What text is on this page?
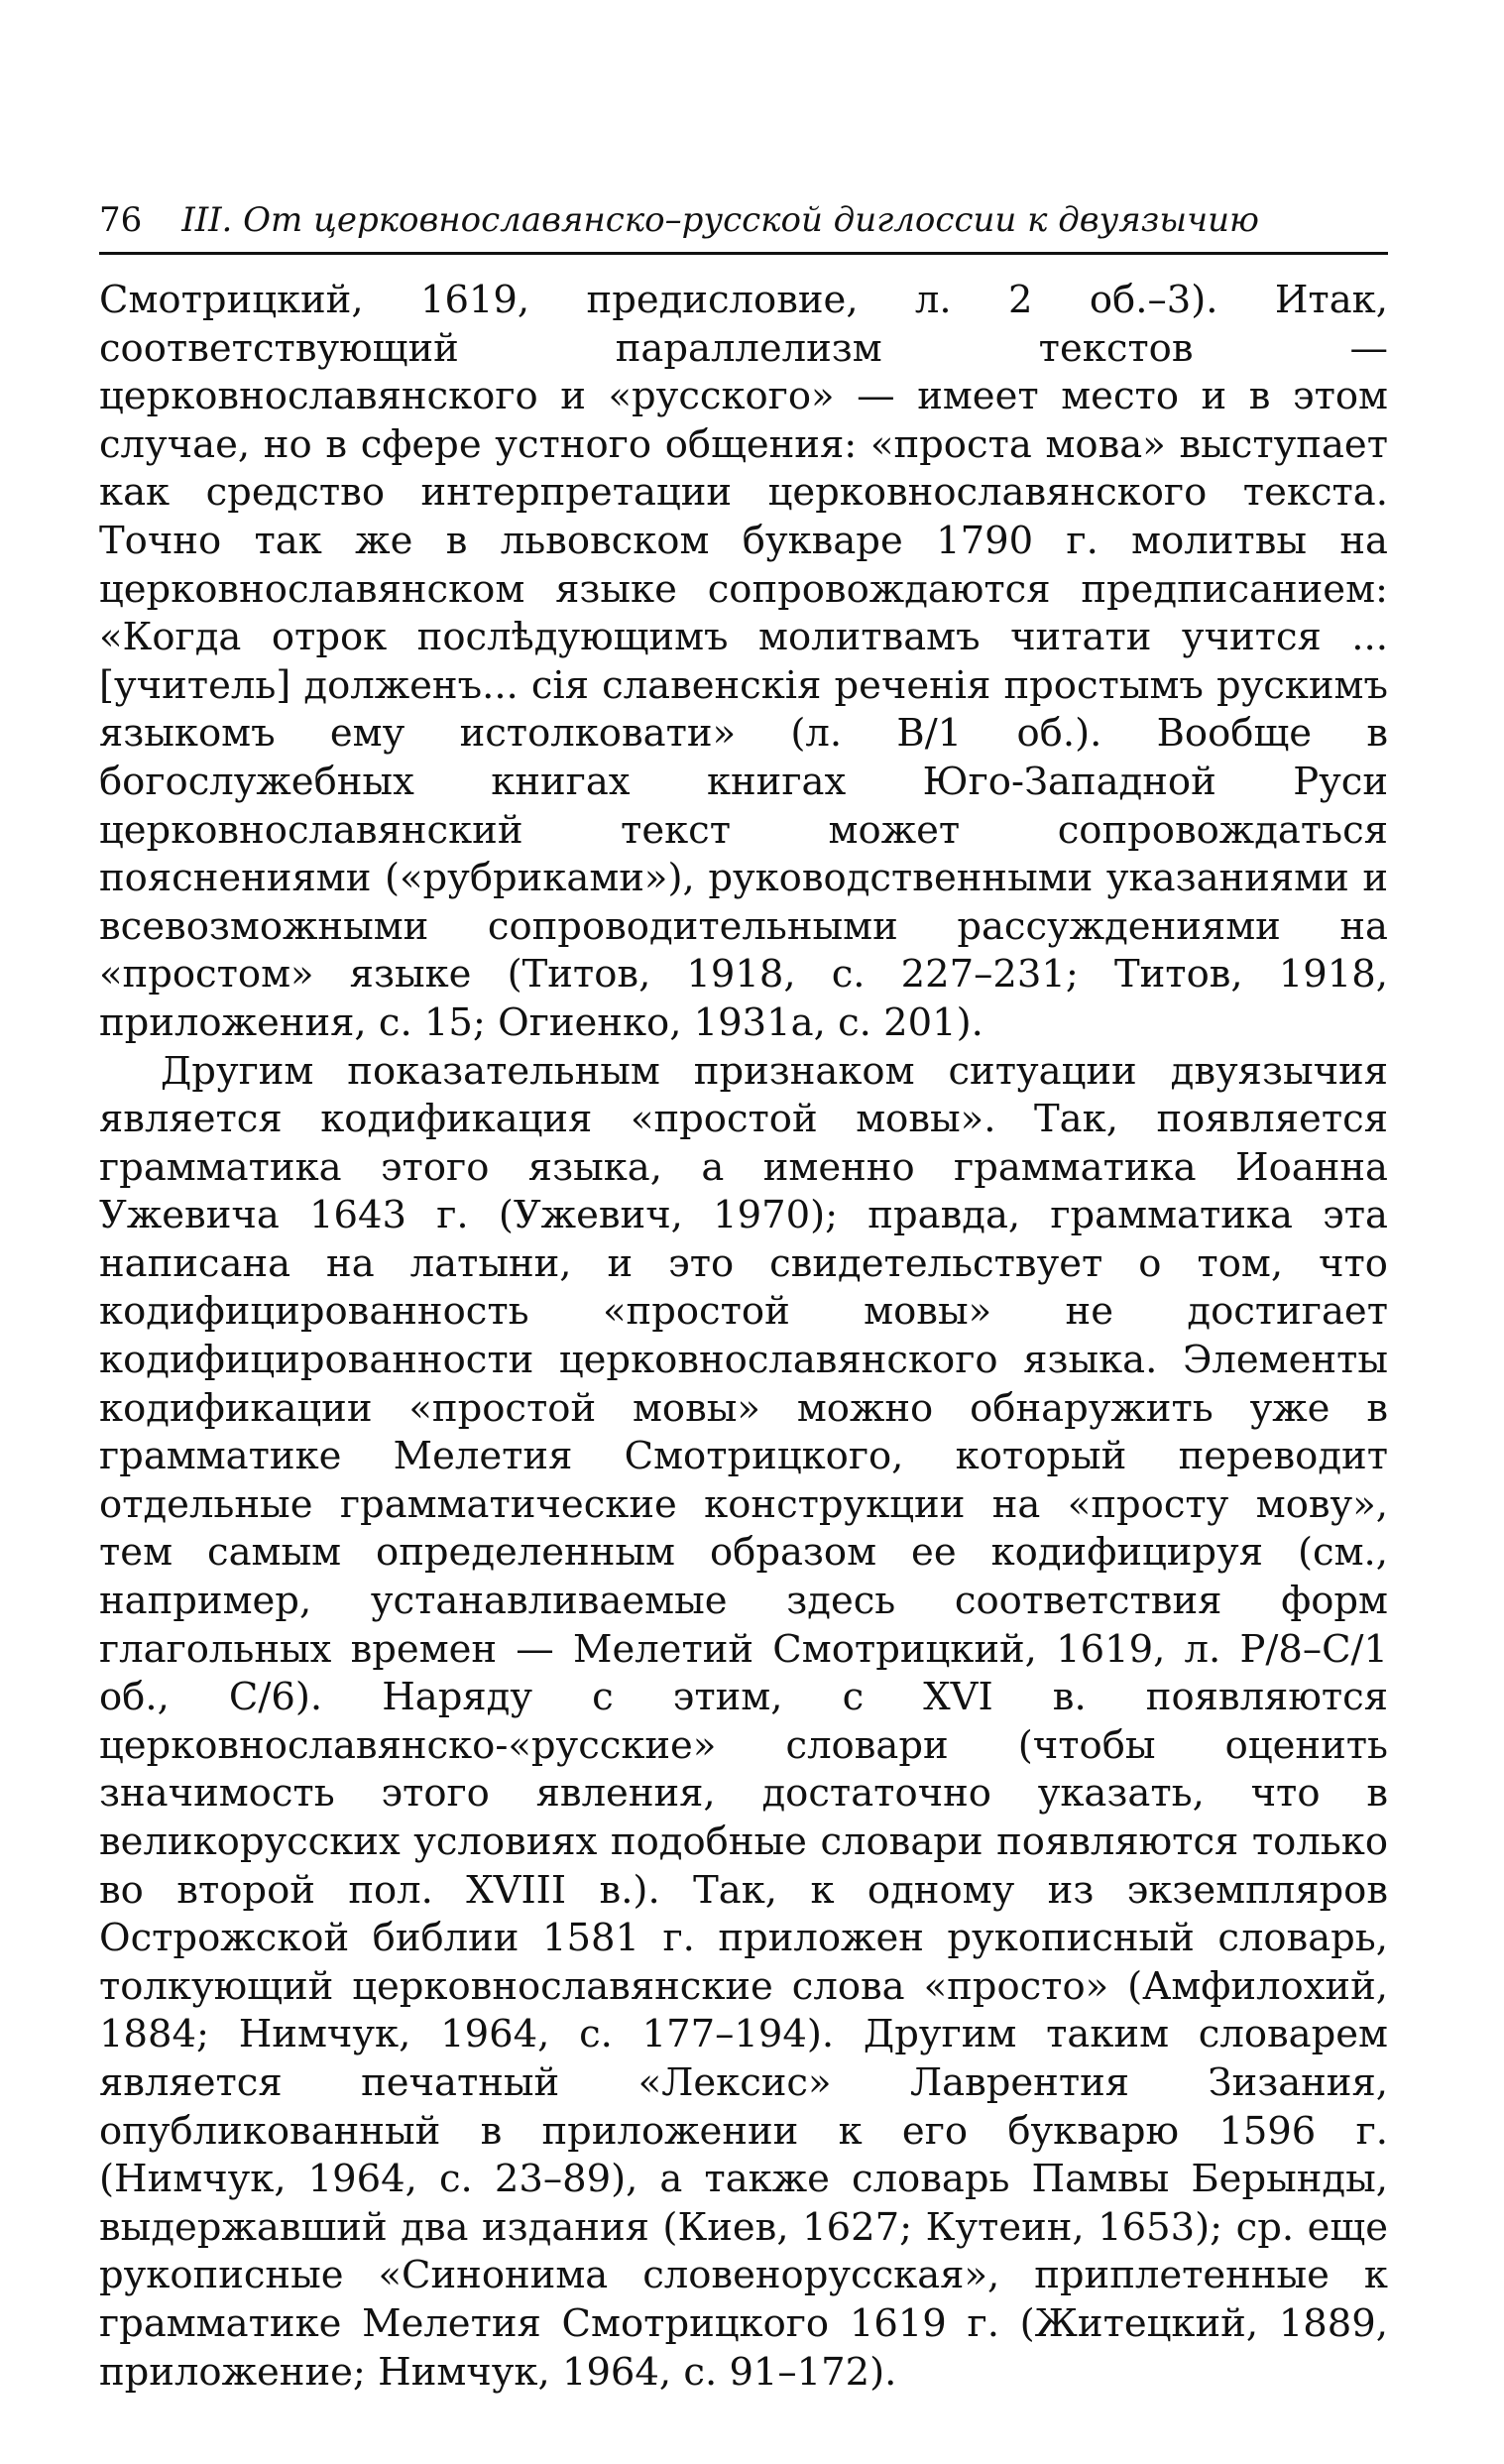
76 III. От церковнославянско–русской диглоссии к двуязычию

Смотрицкий, 1619, предисловие, л. 2 об.–3). Итак, соответствующий параллелизм текстов — церковнославянского и «русского» — имеет место и в этом случае, но в сфере устного общения: «проста мова» выступает как средство интерпретации церковнославянского текста. Точно так же в львовском букваре 1790 г. молитвы на церковнославянском языке сопровождаются предписанием: «Когда отрок послѣдующимъ молитвамъ читати учится ... [учитель] долженъ... сiя славенскiя реченiя простымъ рускимъ языкомъ ему истолковати» (л. В/1 об.). Вообще в богослужебных книгах книгах Юго-Западной Руси церковнославянский текст может сопровождаться пояснениями («рубриками»), руководственными указаниями и всевозможными сопроводительными рассуждениями на «простом» языке (Титов, 1918, с. 227–231; Титов, 1918, приложения, с. 15; Огиенко, 1931а, с. 201).

Другим показательным признаком ситуации двуязычия является кодификация «простой мовы». Так, появляется грамматика этого языка, а именно грамматика Иоанна Ужевича 1643 г. (Ужевич, 1970); правда, грамматика эта написана на латыни, и это свидетельствует о том, что кодифицированность «простой мовы» не достигает кодифицированности церковнославянского языка. Элементы кодификации «простой мовы» можно обнаружить уже в грамматике Мелетия Смотрицкого, который переводит отдельные грамматические конструкции на «просту мову», тем самым определенным образом ее кодифицируя (см., например, устанавливаемые здесь соответствия форм глагольных времен — Мелетий Смотрицкий, 1619, л. Р/8–С/1 об., С/6). Наряду с этим, с XVI в. появляются церковнославянско-«русские» словари (чтобы оценить значимость этого явления, достаточно указать, что в великорусских условиях подобные словари появляются только во второй пол. XVIII в.). Так, к одному из экземпляров Острожской библии 1581 г. приложен рукописный словарь, толкующий церковнославянские слова «просто» (Амфилохий, 1884; Нимчук, 1964, с. 177–194). Другим таким словарем является печатный «Лексис» Лаврентия Зизания, опубликованный в приложении к его букварю 1596 г. (Нимчук, 1964, с. 23–89), а также словарь Памвы Берынды, выдержавший два издания (Киев, 1627; Кутеин, 1653); ср. еще рукописные «Синонима словенорусская», приплетенные к грамматике Мелетия Смотрицкого 1619 г. (Житецкий, 1889, приложение; Нимчук, 1964, с. 91–172).
